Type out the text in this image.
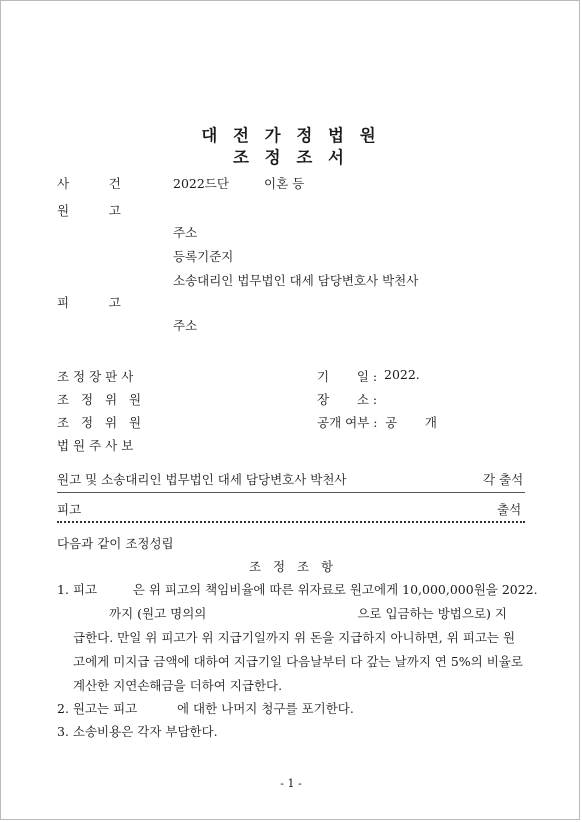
대 전 가 정 법 원
조 정 조 서
사          건	2022드단	이혼 등
원          고
주소
등록기준지
소송대리인 법무법인 대세 담당변호사 박천사
피          고
주소
조 정 장 판 사
조   정   위   원
조   정   위   원
법 원 주 사 보
기       일 : 2022.
장       소 :
공개 여부 : 공       개
원고 및 소송대리인 법무법인 대세 담당변호사 박천사	각 출석
피고	출석
다음과 같이 조정성립
조   정   조   항
1. 피고         은 위 피고의 책임비율에 따른 위자료로 원고에게 10,000,000원을 2022.
까지 (원고 명의의                                      으로 입금하는 방법으로) 지
급한다. 만일 위 피고가 위 지급기일까지 위 돈을 지급하지 아니하면, 위 피고는 원
고에게 미지급 금액에 대하여 지급기일 다음날부터 다 갚는 날까지 연 5%의 비율로
계산한 지연손해금을 더하여 지급한다.
2. 원고는 피고          에 대한 나머지 청구를 포기한다.
3. 소송비용은 각자 부담한다.
- 1 -
